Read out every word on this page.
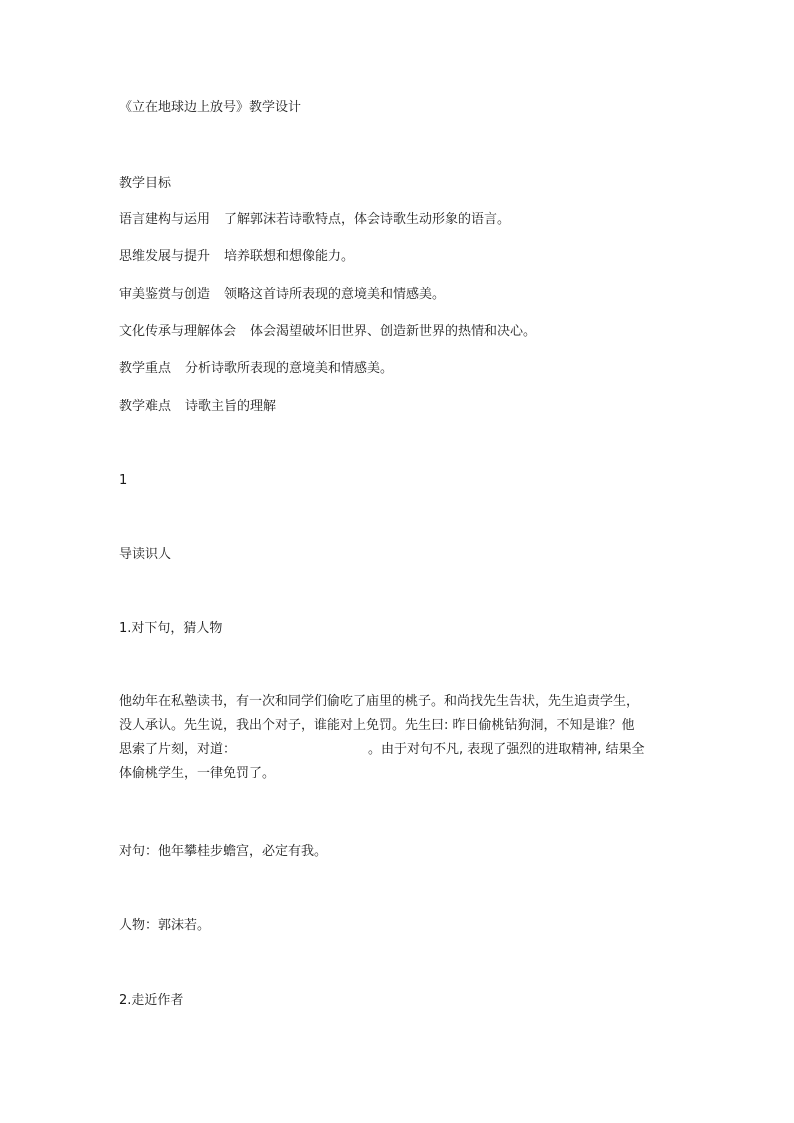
《立在地球边上放号》教学设计
教学目标
语言建构与运用 了解郭沫若诗歌特点，体会诗歌生动形象的语言。
思维发展与提升 培养联想和想像能力。
审美鉴赏与创造 领略这首诗所表现的意境美和情感美。
文化传承与理解体会 体会渴望破坏旧世界、创造新世界的热情和决心。
教学重点 分析诗歌所表现的意境美和情感美。
教学难点 诗歌主旨的理解
1
导读识人
1.对下句，猜人物
他幼年在私塾读书，有一次和同学们偷吃了庙里的桃子。和尚找先生告状，先生追责学生，
没人承认。先生说，我出个对子，谁能对上免罚。先生曰: 昨日偷桃钻狗洞，不知是谁？他
思索了片刻，对道：	。由于对句不凡, 表现了强烈的进取精神, 结果全
体偷桃学生，一律免罚了。
对句：他年攀桂步蟾宫，必定有我。
人物：郭沫若。
2.走近作者
